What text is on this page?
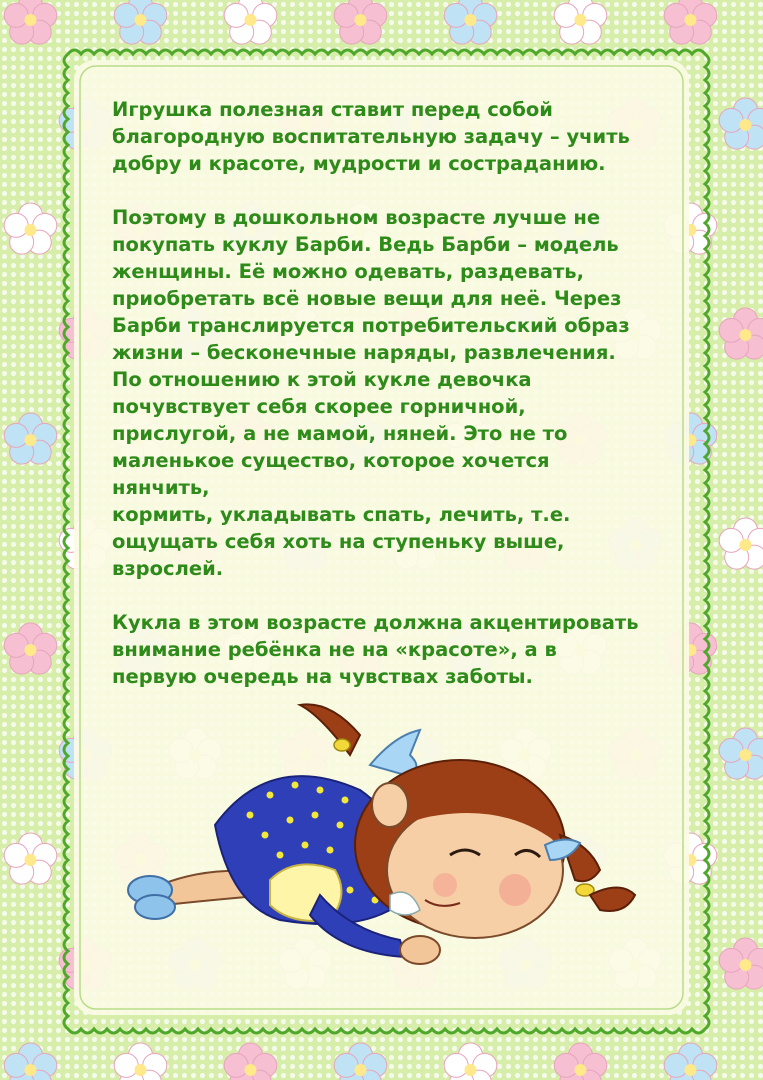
Игрушка полезная ставит перед собой
благородную воспитательную задачу – учить
добру и красоте, мудрости и состраданию.

Поэтому в дошкольном возрасте лучше не
покупать куклу Барби. Ведь Барби – модель
женщины. Её можно одевать, раздевать,
приобретать всё новые вещи для неё. Через
Барби транслируется потребительский образ
жизни – бесконечные наряды, развлечения.
По отношению к этой кукле девочка
почувствует себя скорее горничной,
прислугой, а не мамой, няней. Это не то
маленькое существо, которое хочется нянчить,
кормить, укладывать спать, лечить, т.е.
ощущать себя хоть на ступеньку выше,
взрослей.

Кукла в этом возрасте должна акцентировать
внимание ребёнка не на «красоте», а в
первую очередь на чувствах заботы.
